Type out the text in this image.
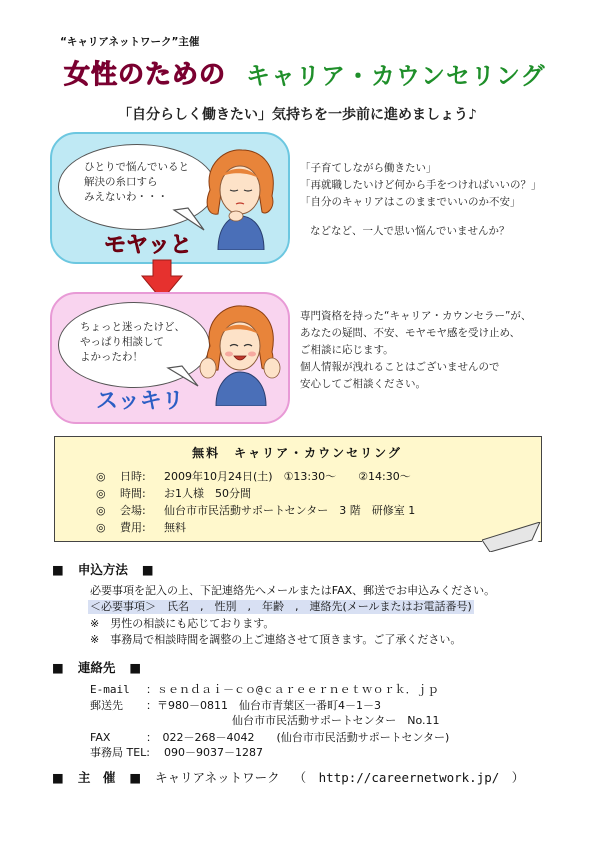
“キャリアネットワーク”主催
女性のための キャリア・カウンセリング
「自分らしく働きたい」気持ちを一歩前に進めましょう♪
ひとりで悩んでいると
解決の糸口すら
みえないわ・・・
モヤッと
「子育てしながら働きたい」
「再就職したいけど何から手をつければいいの？」
「自分のキャリアはこのままでいいのか不安」
などなど、一人で思い悩んでいませんか？
ちょっと迷ったけど、
やっぱり相談して
よかったわ！
スッキリ
専門資格を持った“キャリア・カウンセラー”が、
あなたの疑問、不安、モヤモヤ感を受け止め、
ご相談に応じます。
個人情報が洩れることはございませんので
安心してご相談ください。
無料　キャリア・カウンセリング
◎ 日時: 2009年10月24日(土)　①13:30～　　②14:30～
◎ 時間: お1人様　50分間
◎ 会場: 仙台市市民活動サポートセンター　3 階　研修室 1
◎ 費用: 無料
■ 申込方法 ■
必要事項を記入の上、下記連絡先へメールまたはFAX、郵送でお申込みください。
＜必要事項＞　氏名　,　性別　,　年齢　,　連絡先(メールまたはお電話番号)
※　男性の相談にも応じております。
※　事務局で相談時間を調整の上ご連絡させて頂きます。ご了承ください。
■ 連絡先 ■
E-mail ：ｓｅｎｄａｉ－ｃｏ@ｃａｒｅｅｒｎｅｔｗｏｒｋ．ｊｐ
郵送先 ：〒980－0811　仙台市青葉区一番町4－1－3
仙台市市民活動サポートセンター　No.11
FAX	：　022－268－4042　　(仙台市市民活動サポートセンター)
事務局 TEL: 090－9037－1287
■ 主　催 ■ キャリアネットワーク （　http://careernetwork.jp/　）
